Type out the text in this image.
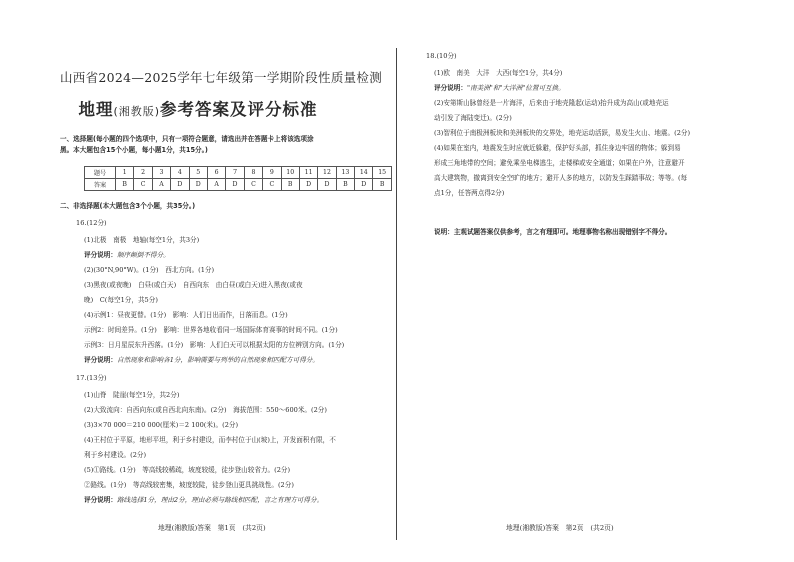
山西省2024—2025学年七年级第一学期阶段性质量检测
地理(湘教版)参考答案及评分标准
一、选择题(每小题的四个选项中，只有一项符合题意，请选出并在答题卡上将该选项涂
黑。本大题包含15个小题，每小题1分，共15分。)
题号	1	2	3	4	5	6	7	8	9	10	11	12	13	14	15
答案	B	C	A	D	D	A	D	C	C	B	D	D	B	D	B
二、非选择题(本大题包含3个小题，共35分。)
16.(12分)
(1)北极　南极　地轴(每空1分，共3分)
评分说明：顺序颠倒不得分。
(2)(30°N,90°W)。(1分)　西北方向。(1分)
(3)黑夜(或夜晚)　白昼(或白天)　自西向东　由白昼(或白天)进入黑夜(或夜
晚)　C(每空1分，共5分)
(4)示例1：昼夜更替。(1分)　影响：人们日出而作，日落而息。(1分)
示例2：时间差异。(1分)　影响：世界各地收看同一场国际体育赛事的时间不同。(1分)
示例3：日月星辰东升西落。(1分)　影响：人们白天可以根据太阳的方位辨别方向。(1分)
评分说明：自然现象和影响各1分，影响需要与列举的自然现象相匹配方可得分。
17.(13分)
(1)山脊　陡崖(每空1分，共2分)
(2)大致流向：自西向东(或自西北向东南)。(2分)　海拔范围：550～600米。(2分)
(3)3×70 000＝210 000(厘米)＝2 100(米)。(2分)
(4)王村位于平原，地形平坦，利于乡村建设，而李村位于山(坡)上，开发面积有限，不
利于乡村建设。(2分)
(5)①路线。(1分)　等高线较稀疏，坡度较缓，徒步登山较省力。(2分)
②路线。(1分)　等高线较密集，坡度较陡，徒步登山更具挑战性。(2分)
评分说明：路线选择1分，理由2分，理由必须与路线相匹配，言之有理方可得分。
地理(湘教版)答案　第1页　(共2页)
18.(10分)
(1)欧　南美　大洋　大西(每空1分，共4分)
评分说明："南美洲"和"大洋洲"位置可互换。
(2)安第斯山脉曾经是一片海洋，后来由于地壳隆起(运动)抬升成为高山(或地壳运
动引发了海陆变迁)。(2分)
(3)智利位于南极洲板块和美洲板块的交界处，地壳运动活跃，易发生火山、地震。(2分)
(4)如果在室内，地震发生时应就近躲避，保护好头部，抓住身边牢固的物体；躲到易
形成三角地带的空间；避免乘坐电梯逃生，走楼梯或安全通道；如果在户外，注意避开
高大建筑物，撤离到安全空旷的地方；避开人多的地方，以防发生踩踏事故；等等。(每
点1分，任答两点得2分)
说明：主观试题答案仅供参考，言之有理即可。地理事物名称出现错别字不得分。
地理(湘教版)答案　第2页　(共2页)
